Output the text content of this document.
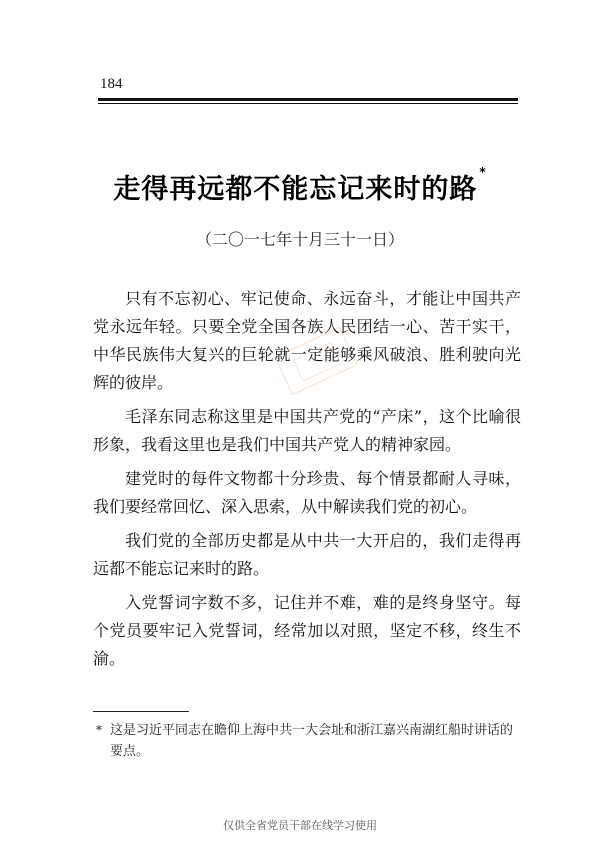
184
走得再远都不能忘记来时的路*
（二〇一七年十月三十一日）

只有不忘初心、牢记使命、永远奋斗，才能让中国共产党永远年轻。只要全党全国各族人民团结一心、苦干实干，中华民族伟大复兴的巨轮就一定能够乘风破浪、胜利驶向光辉的彼岸。

毛泽东同志称这里是中国共产党的“产床”，这个比喻很形象，我看这里也是我们中国共产党人的精神家园。

建党时的每件文物都十分珍贵、每个情景都耐人寻味，我们要经常回忆、深入思索，从中解读我们党的初心。

我们党的全部历史都是从中共一大开启的，我们走得再远都不能忘记来时的路。

入党誓词字数不多，记住并不难，难的是终身坚守。每个党员要牢记入党誓词，经常加以对照，坚定不移，终生不渝。

* 这是习近平同志在瞻仰上海中共一大会址和浙江嘉兴南湖红船时讲话的要点。
仅供全省党员干部在线学习使用
